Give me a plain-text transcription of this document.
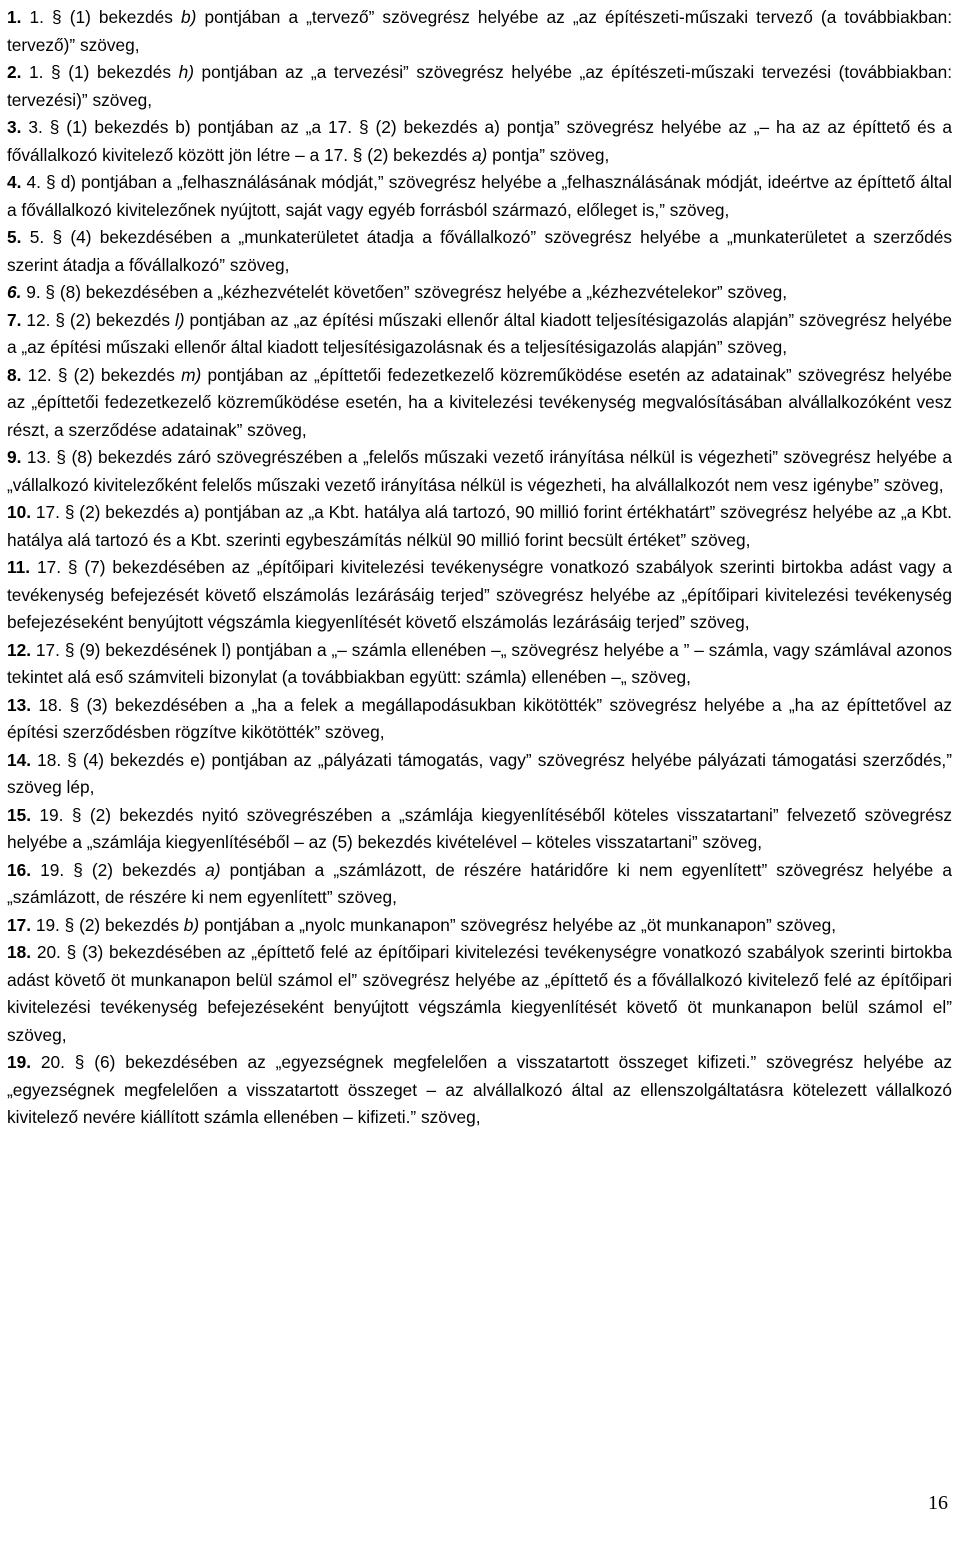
1. 1. § (1) bekezdés b) pontjában a „tervező” szövegrész helyébe az „az építészeti-műszaki tervező (a továbbiakban: tervező)” szöveg,

2. 1. § (1) bekezdés h) pontjában az „a tervezési” szövegrész helyébe „az építészeti-műszaki tervezési (továbbiakban: tervezési)” szöveg,

3. 3. § (1) bekezdés b) pontjában az „a 17. § (2) bekezdés a) pontja” szövegrész helyébe az „– ha az az építtető és a fővállalkozó kivitelező között jön létre – a 17. § (2) bekezdés a) pontja” szöveg,

4. 4. § d) pontjában a „felhasználásának módját,” szövegrész helyébe a „felhasználásának módját, ideértve az építtető által a fővállalkozó kivitelezőnek nyújtott, saját vagy egyéb forrásból származó, előleget is,” szöveg,

5. 5. § (4) bekezdésében a „munkaterületet átadja a fővállalkozó” szövegrész helyébe a „munkaterületet a szerződés szerint átadja a fővállalkozó” szöveg,

6. 9. § (8) bekezdésében a „kézhezvételét követően” szövegrész helyébe a „kézhezvételekor” szöveg,

7. 12. § (2) bekezdés l) pontjában az „az építési műszaki ellenőr által kiadott teljesítésigazolás alapján” szövegrész helyébe a „az építési műszaki ellenőr által kiadott teljesítésigazolásnak és a teljesítésigazolás alapján” szöveg,

8. 12. § (2) bekezdés m) pontjában az „építtetői fedezetkezelő közreműködése esetén az adatainak” szövegrész helyébe az „építtetői fedezetkezelő közreműködése esetén, ha a kivitelezési tevékenység megvalósításában alvállalkozóként vesz részt, a szerződése adatainak” szöveg,

9. 13. § (8) bekezdés záró szövegrészében a „felelős műszaki vezető irányítása nélkül is végezheti” szövegrész helyébe a „vállalkozó kivitelezőként felelős műszaki vezető irányítása nélkül is végezheti, ha alvállalkozót nem vesz igénybe” szöveg,

10. 17. § (2) bekezdés a) pontjában az „a Kbt. hatálya alá tartozó, 90 millió forint értékhatárt” szövegrész helyébe az „a Kbt. hatálya alá tartozó és a Kbt. szerinti egybeszámítás nélkül 90 millió forint becsült értéket” szöveg,

11. 17. § (7) bekezdésében az „építőipari kivitelezési tevékenységre vonatkozó szabályok szerinti birtokba adást vagy a tevékenység befejezését követő elszámolás lezárásáig terjed” szövegrész helyébe az „építőipari kivitelezési tevékenység befejezéseként benyújtott végszámla kiegyenlítését követő elszámolás lezárásáig terjed” szöveg,

12. 17. § (9) bekezdésének l) pontjában a „– számla ellenében –„ szövegrész helyébe a ” – számla, vagy számlával azonos tekintet alá eső számviteli bizonylat (a továbbiakban együtt: számla) ellenében –„ szöveg,

13. 18. § (3) bekezdésében a „ha a felek a megállapodásukban kikötötték” szövegrész helyébe a „ha az építtetővel az építési szerződésben rögzítve kikötötték” szöveg,

14. 18. § (4) bekezdés e) pontjában az „pályázati támogatás, vagy” szövegrész helyébe pályázati támogatási szerződés,” szöveg lép,

15. 19. § (2) bekezdés nyitó szövegrészében a „számlája kiegyenlítéséből köteles visszatartani” felvezető szövegrész helyébe a „számlája kiegyenlítéséből – az (5) bekezdés kivételével – köteles visszatartani” szöveg,

16. 19. § (2) bekezdés a) pontjában a „számlázott, de részére határidőre ki nem egyenlített” szövegrész helyébe a „számlázott, de részére ki nem egyenlített” szöveg,

17. 19. § (2) bekezdés b) pontjában a „nyolc munkanapon” szövegrész helyébe az „öt munkanapon” szöveg,

18. 20. § (3) bekezdésében az „építtető felé az építőipari kivitelezési tevékenységre vonatkozó szabályok szerinti birtokba adást követő öt munkanapon belül számol el” szövegrész helyébe az „építtető és a fővállalkozó kivitelező felé az építőipari kivitelezési tevékenység befejezéseként benyújtott végszámla kiegyenlítését követő öt munkanapon belül számol el” szöveg,

19. 20. § (6) bekezdésében az „egyezségnek megfelelően a visszatartott összeget kifizeti.” szövegrész helyébe az „egyezségnek megfelelően a visszatartott összeget – az alvállalkozó által az ellenszolgáltatásra kötelezett vállalkozó kivitelező nevére kiállított számla ellenében – kifizeti.” szöveg,

16
